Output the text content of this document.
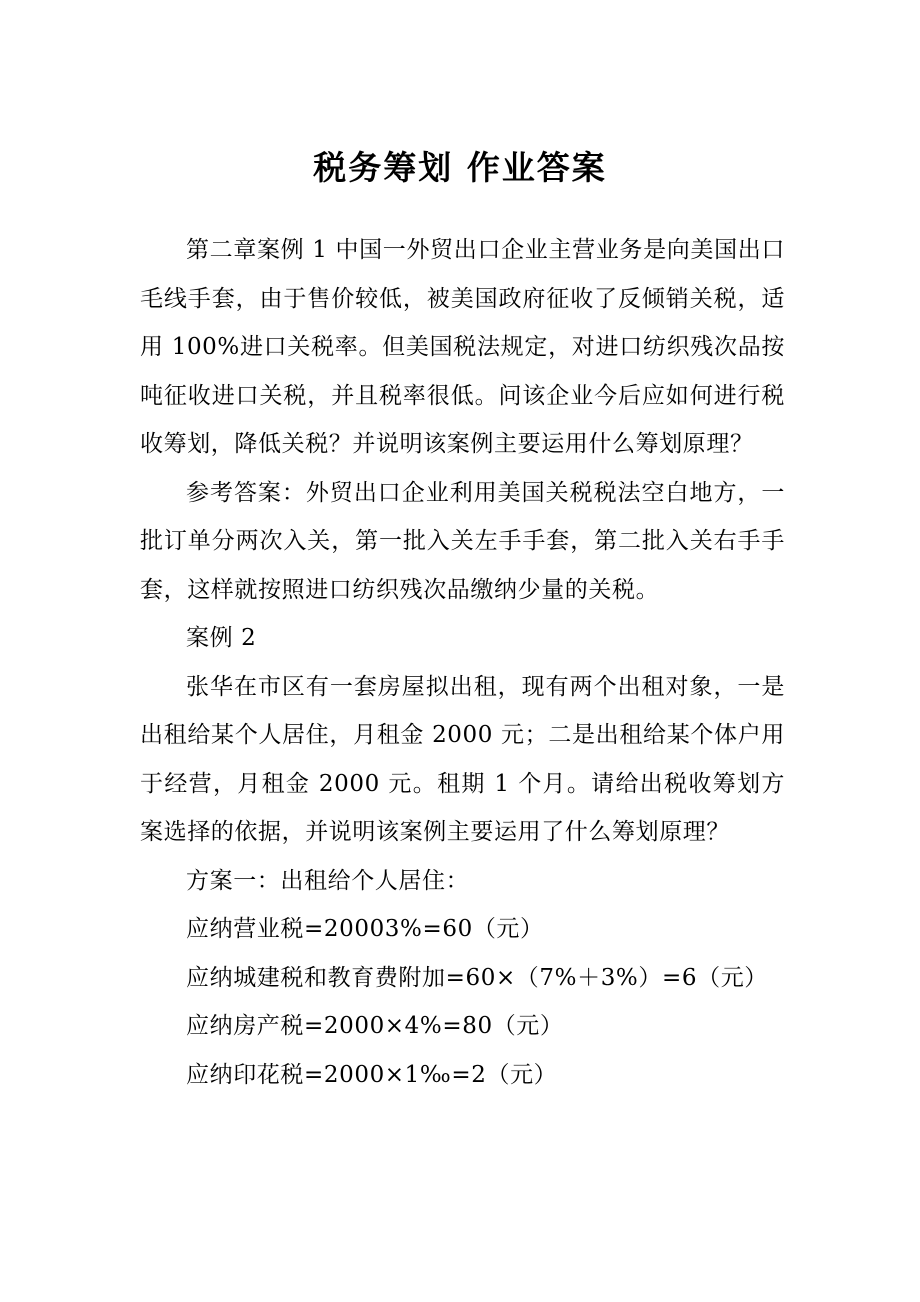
税务筹划 作业答案

第二章案例 1 中国一外贸出口企业主营业务是向美国出口毛线手套，由于售价较低，被美国政府征收了反倾销关税，适用 100%进口关税率。但美国税法规定，对进口纺织残次品按吨征收进口关税，并且税率很低。问该企业今后应如何进行税收筹划，降低关税？并说明该案例主要运用什么筹划原理？

参考答案：外贸出口企业利用美国关税税法空白地方，一批订单分两次入关，第一批入关左手手套，第二批入关右手手套，这样就按照进口纺织残次品缴纳少量的关税。

案例 2

张华在市区有一套房屋拟出租，现有两个出租对象，一是出租给某个人居住，月租金 2000 元；二是出租给某个体户用于经营，月租金 2000 元。租期 1 个月。请给出税收筹划方案选择的依据，并说明该案例主要运用了什么筹划原理？

方案一：出租给个人居住：

应纳营业税=20003%=60（元）

应纳城建税和教育费附加=60×（7%＋3%）=6（元）

应纳房产税=2000×4%=80（元）

应纳印花税=2000×1‰=2（元）
